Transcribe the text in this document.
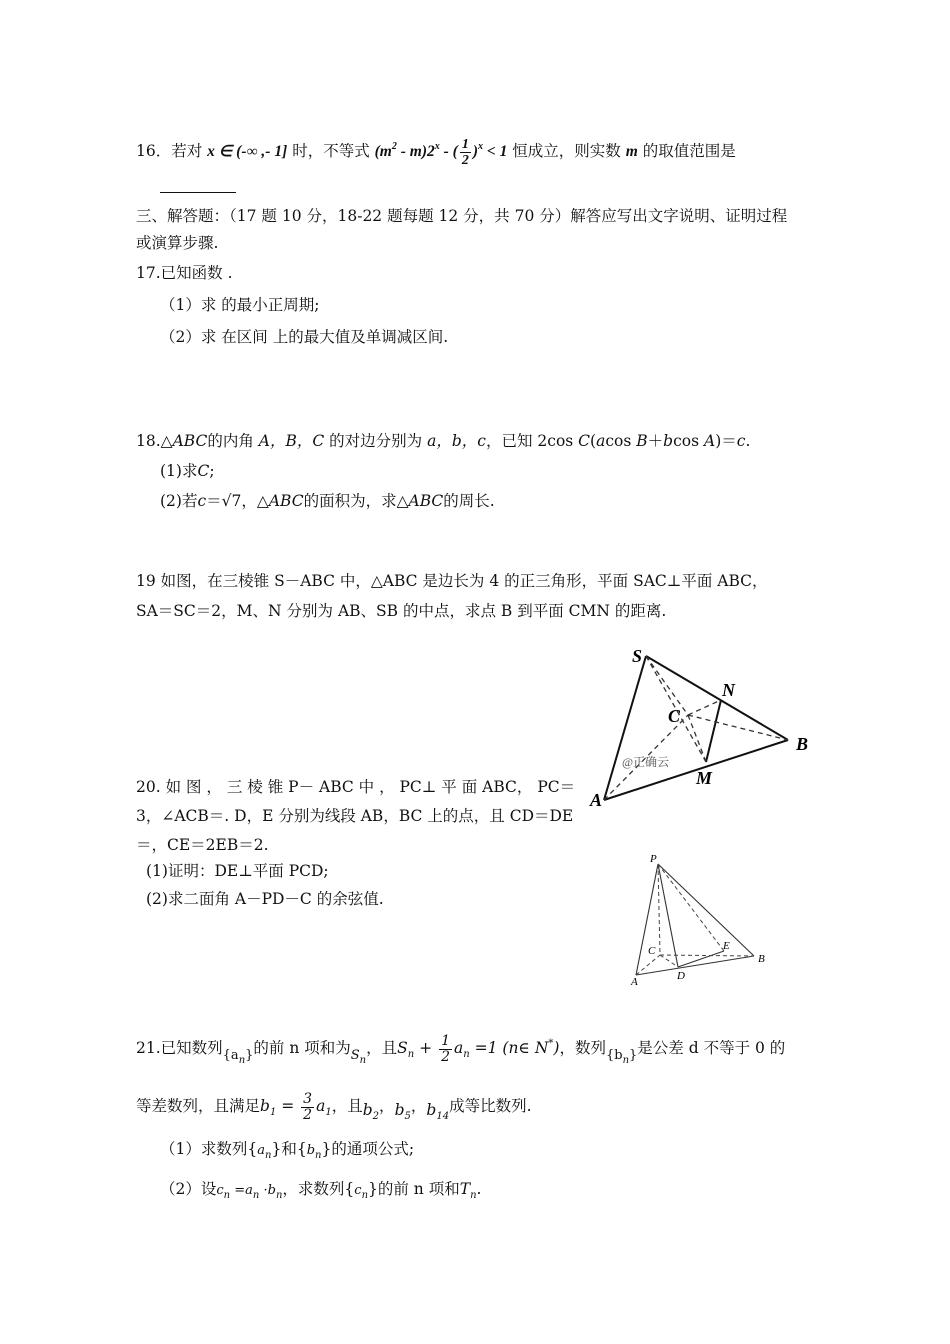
16．若对 x ∈ (-∞ ,- 1] 时，不等式 $(m^2 - m)2^x$ - ( $\frac{1}{2} )^x < 1$ 恒成立，则实数 m 的取值范围是
三、解答题：（17 题 10 分，18-22 题每题 12 分，共 70 分）解答应写出文字说明、证明过程
或演算步骤.
17.已知函数 .
（1）求 的最小正周期;
（2）求 在区间 上的最大值及单调减区间.
18.△ABC的内角 A，B，C 的对边分别为 a，b，c，已知 2cos C(acos B＋bcos A)＝c.
(1)求C;
(2)若c＝√7，△ABC的面积为，求△ABC的周长.
19 如图，在三棱锥 S－ABC 中，△ABC 是边长为 4 的正三角形，平面 SAC⊥平面 ABC，
SA＝SC＝2，M、N 分别为 AB、SB 的中点，求点 B 到平面 CMN 的距离.
S
N
C
B
A
M
@正确云
20. 如 图 ， 三 棱 锥 P－ ABC 中 ， PC⊥ 平 面 ABC， PC＝
3，∠ACB＝. D，E 分别为线段 AB，BC 上的点，且 CD＝DE
＝，CE＝2EB＝2.
(1)证明：DE⊥平面 PCD;
(2)求二面角 A－PD－C 的余弦值.
P
C	E
B
A	D
21.已知数列$_{\{a_n\}}$的前 n 项和为$_{S_n}$，且$S_n + \frac{1}{2} a_n =1$ (n∈ N*)，数列$_{\{b_n\}}$是公差 d 不等于 0 的
等差数列，且满足$b_1 = \frac{3}{2} a_1$，且$b_2$，$b_5$，$b_{14}$成等比数列.
（1）求数列$\{a_n\}$和$\{b_n\}$的通项公式;
（2）设$c_n =a_n \cdot b_n$，求数列$\{c_n\}$的前 n 项和$T_n$.
